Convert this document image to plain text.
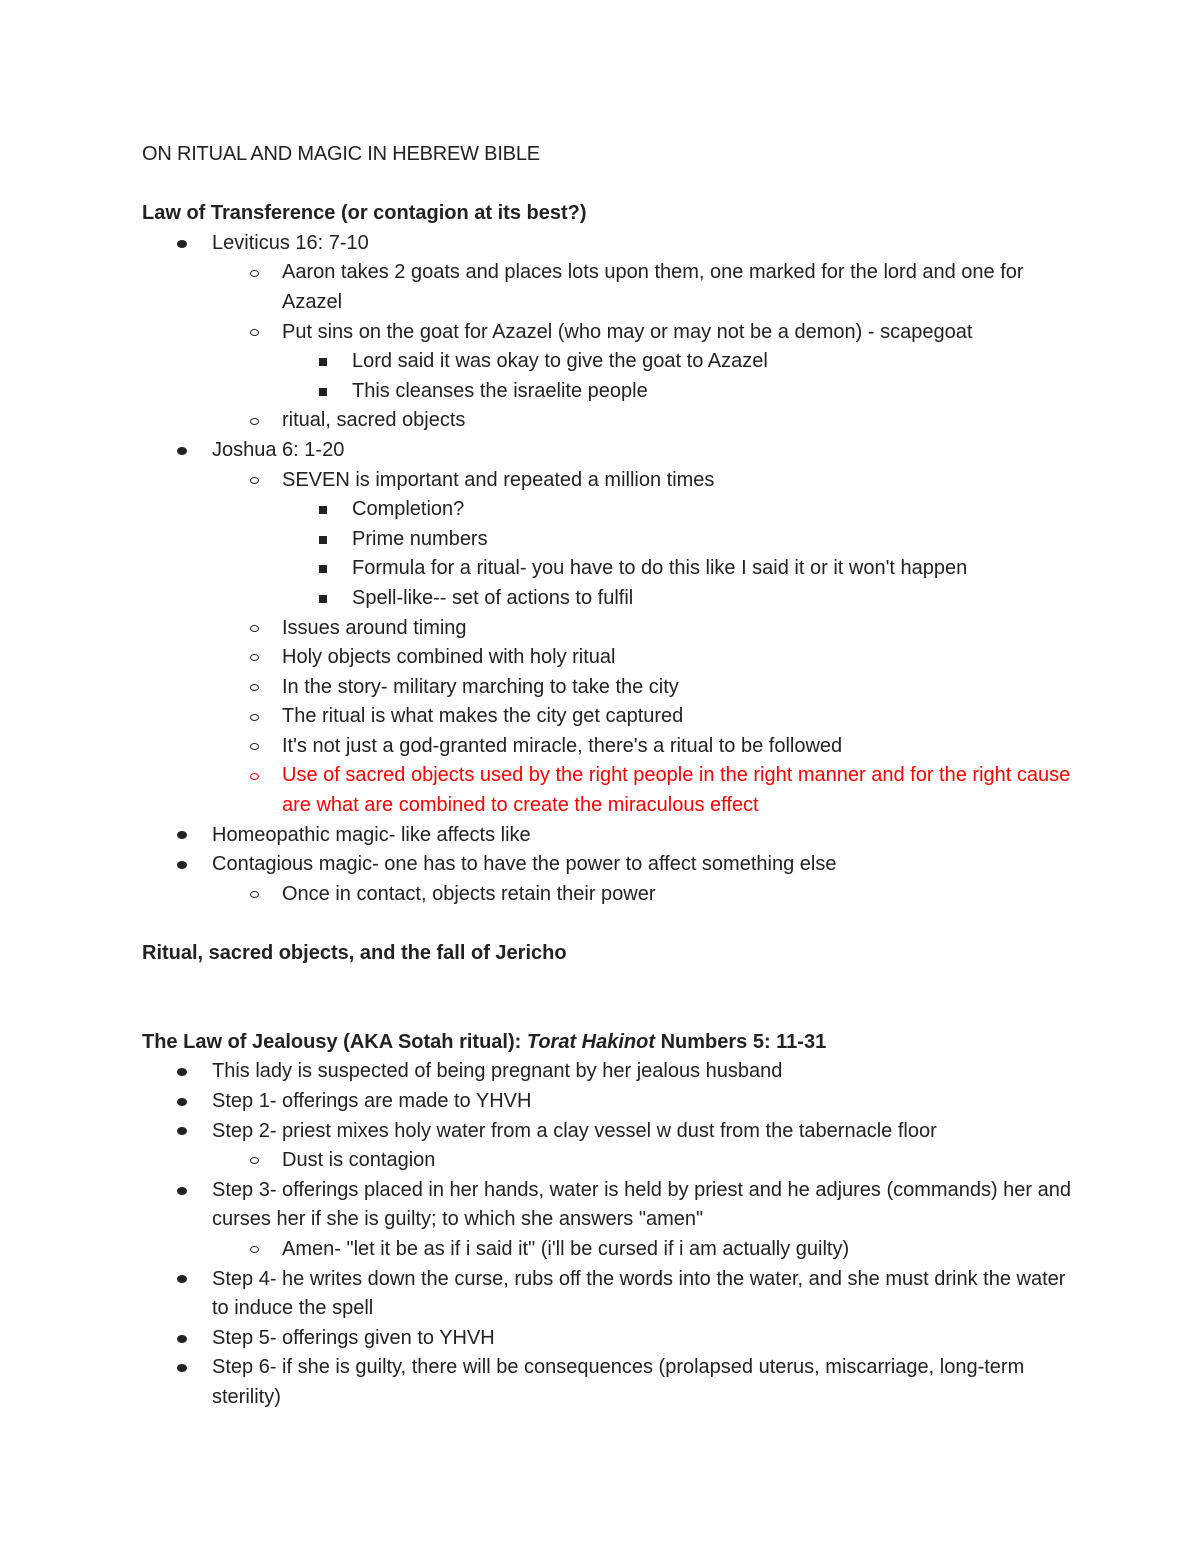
ON RITUAL AND MAGIC IN HEBREW BIBLE
Law of Transference (or contagion at its best?)
Leviticus 16: 7-10
Aaron takes 2 goats and places lots upon them, one marked for the lord and one for Azazel
Put sins on the goat for Azazel (who may or may not be a demon) - scapegoat
Lord said it was okay to give the goat to Azazel
This cleanses the israelite people
ritual, sacred objects
Joshua 6: 1-20
SEVEN is important and repeated a million times
Completion?
Prime numbers
Formula for a ritual- you have to do this like I said it or it won't happen
Spell-like-- set of actions to fulfil
Issues around timing
Holy objects combined with holy ritual
In the story- military marching to take the city
The ritual is what makes the city get captured
It's not just a god-granted miracle, there's a ritual to be followed
Use of sacred objects used by the right people in the right manner and for the right cause are what are combined to create the miraculous effect
Homeopathic magic- like affects like
Contagious magic- one has to have the power to affect something else
Once in contact, objects retain their power
Ritual, sacred objects, and the fall of Jericho
The Law of Jealousy (AKA Sotah ritual): Torat Hakinot Numbers 5: 11-31
This lady is suspected of being pregnant by her jealous husband
Step 1- offerings are made to YHVH
Step 2- priest mixes holy water from a clay vessel w dust from the tabernacle floor
Dust is contagion
Step 3- offerings placed in her hands, water is held by priest and he adjures (commands) her and curses her if she is guilty; to which she answers "amen"
Amen- "let it be as if i said it" (i'll be cursed if i am actually guilty)
Step 4- he writes down the curse, rubs off the words into the water, and she must drink the water to induce the spell
Step 5- offerings given to YHVH
Step 6- if she is guilty, there will be consequences (prolapsed uterus, miscarriage, long-term sterility)
